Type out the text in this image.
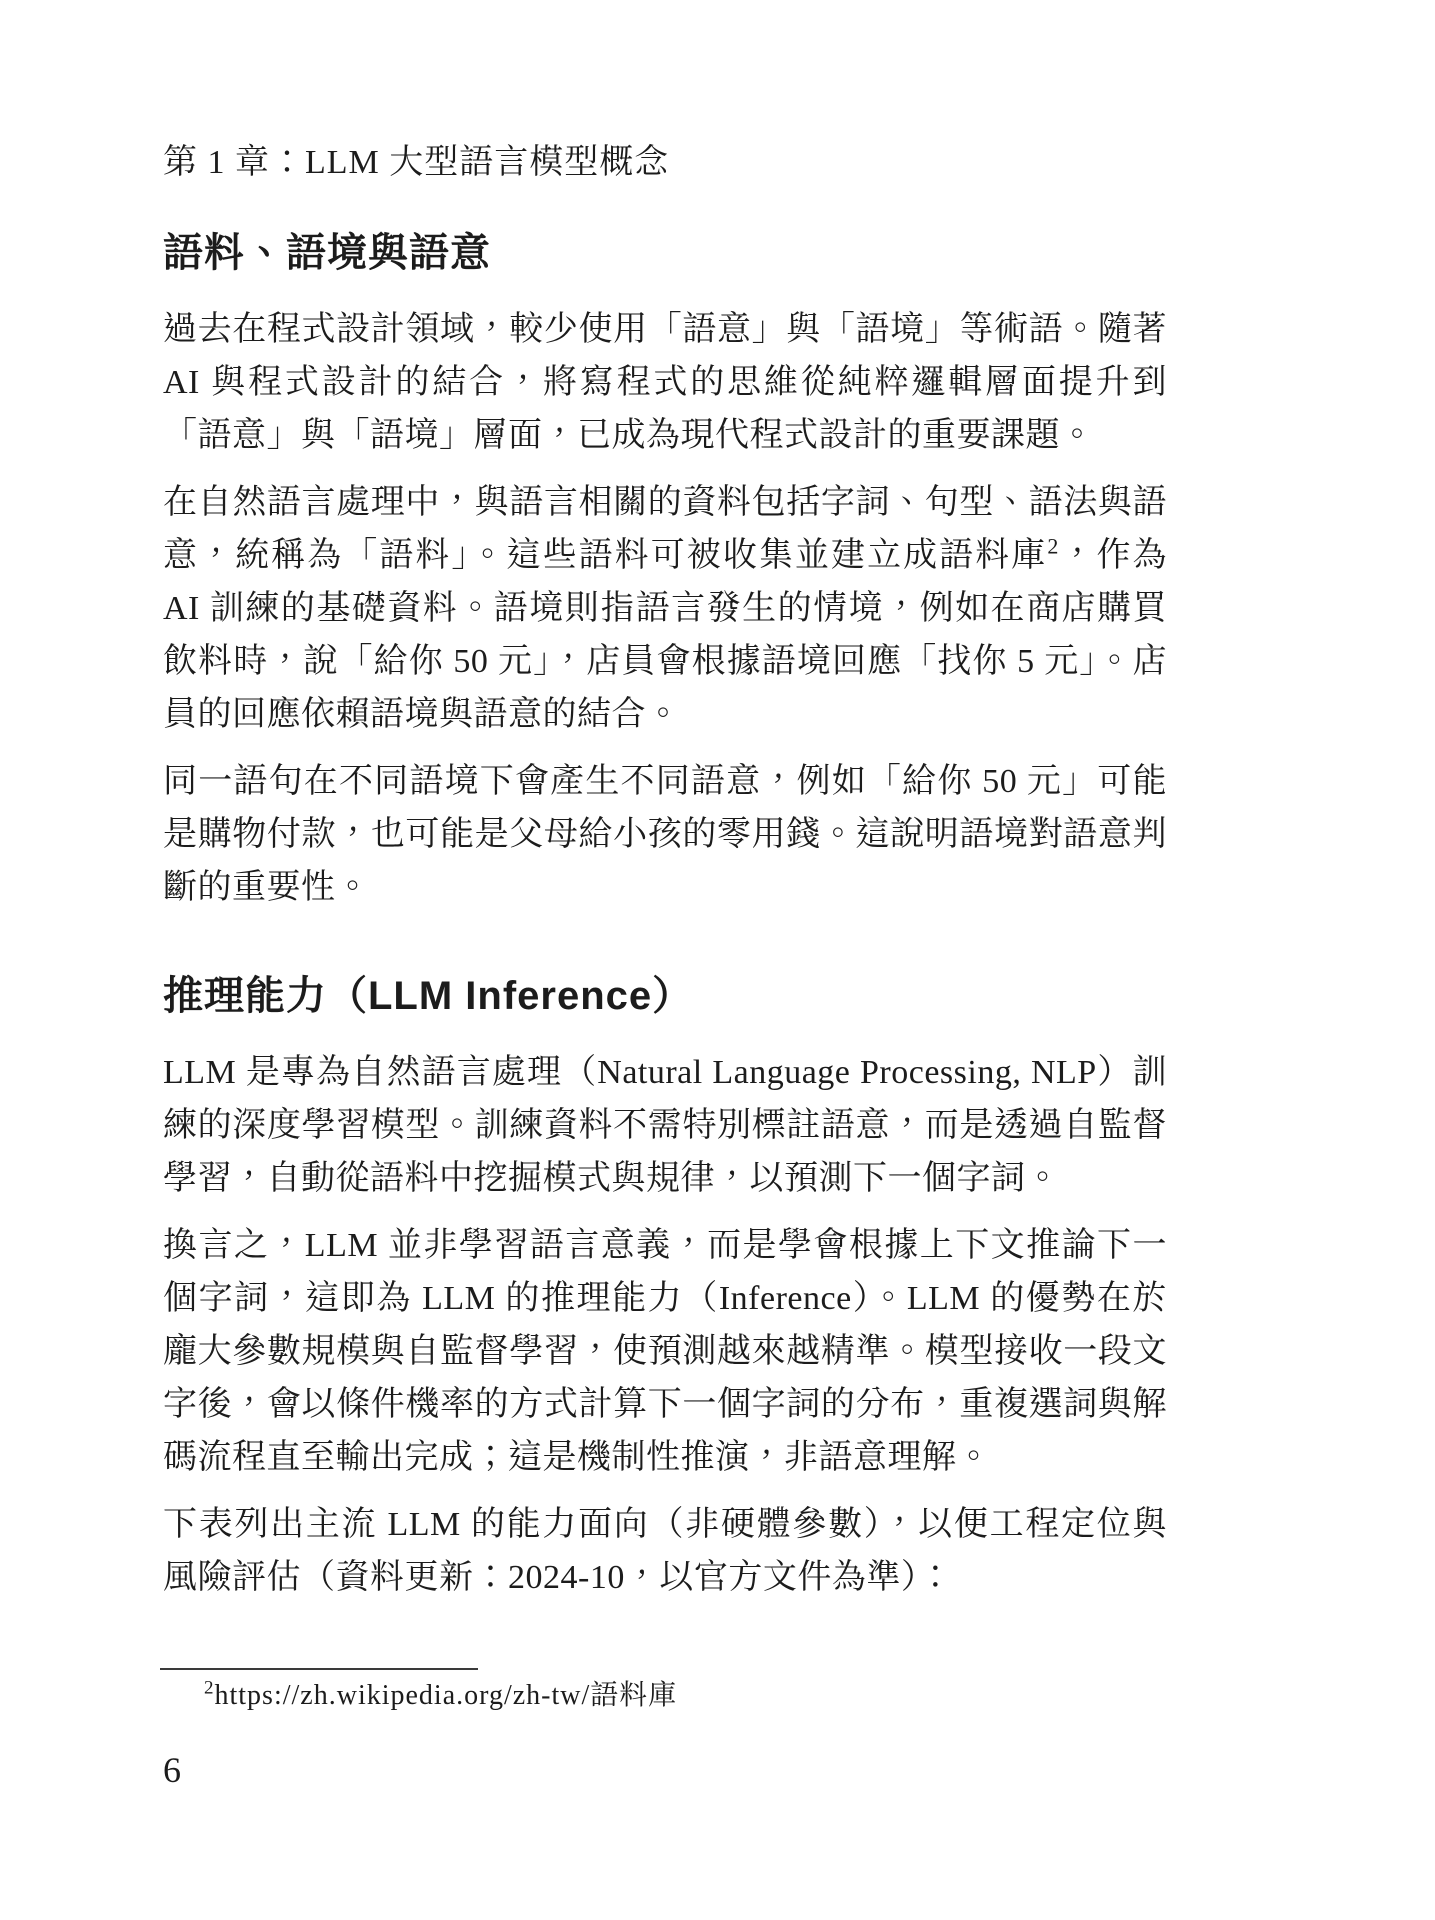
第 1 章：LLM 大型語言模型概念
語料、語境與語意

過去在程式設計領域，較少使用「語意」與「語境」等術語。隨著 AI 與程式設計的結合，將寫程式的思維從純粹邏輯層面提升到「語意」與「語境」層面，已成為現代程式設計的重要課題。

在自然語言處理中，與語言相關的資料包括字詞、句型、語法與語意，統稱為「語料」。這些語料可被收集並建立成語料庫$^2$，作為 AI 訓練的基礎資料。語境則指語言發生的情境，例如在商店購買飲料時，說「給你 50 元」，店員會根據語境回應「找你 5 元」。店員的回應依賴語境與語意的結合。

同一語句在不同語境下會產生不同語意，例如「給你 50 元」可能是購物付款，也可能是父母給小孩的零用錢。這說明語境對語意判斷的重要性。

推理能力（LLM Inference）

LLM 是專為自然語言處理（Natural Language Processing, NLP）訓練的深度學習模型。訓練資料不需特別標註語意，而是透過自監督學習，自動從語料中挖掘模式與規律，以預測下一個字詞。

換言之，LLM 並非學習語言意義，而是學會根據上下文推論下一個字詞，這即為 LLM 的推理能力（Inference）。LLM 的優勢在於龐大參數規模與自監督學習，使預測越來越精準。模型接收一段文字後，會以條件機率的方式計算下一個字詞的分布，重複選詞與解碼流程直至輸出完成；這是機制性推演，非語意理解。

下表列出主流 LLM 的能力面向（非硬體參數），以便工程定位與風險評估（資料更新：2024-10，以官方文件為準）：

$^2$https://zh.wikipedia.org/zh-tw/語料庫
6
